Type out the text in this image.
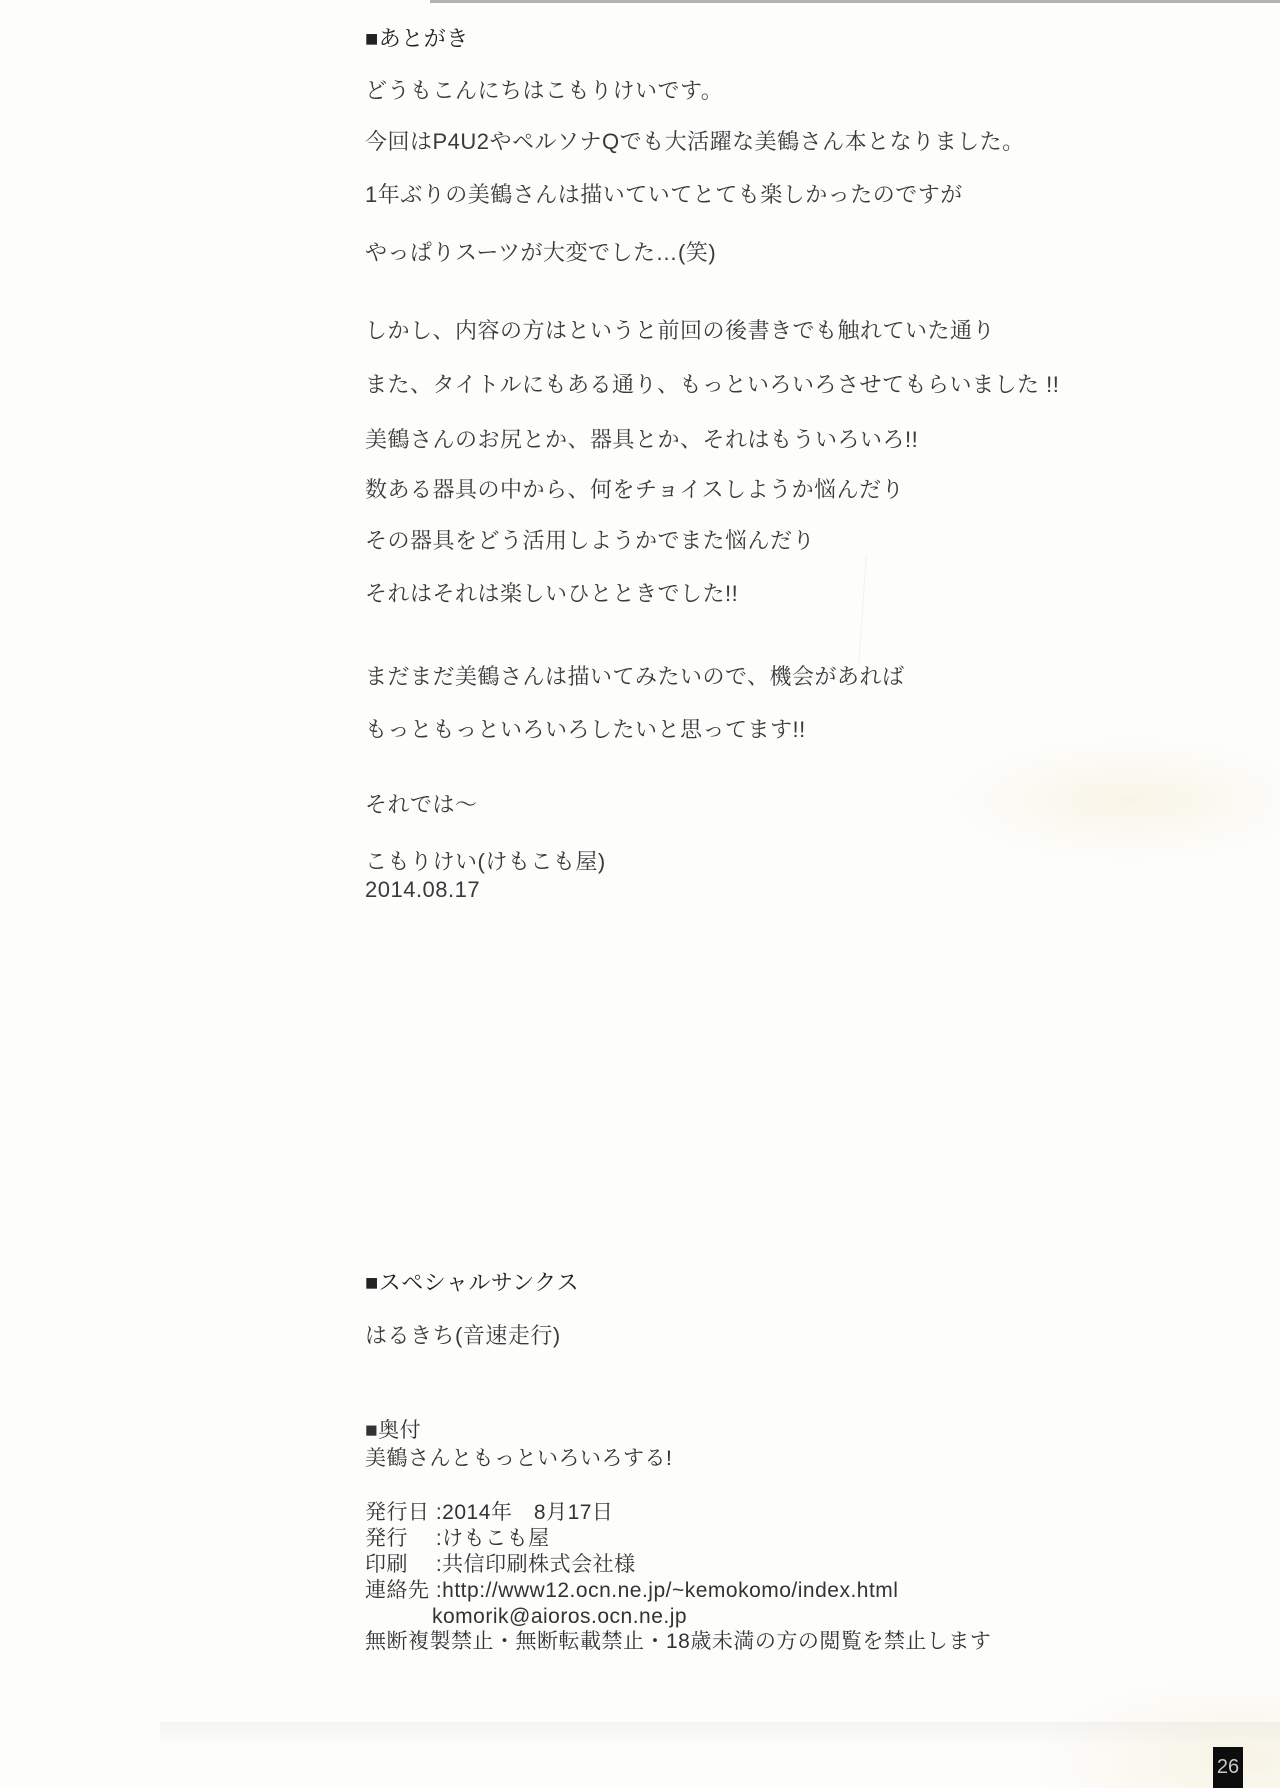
■あとがき
どうもこんにちはこもりけいです。
今回はP4U2やペルソナQでも大活躍な美鶴さん本となりました。
1年ぶりの美鶴さんは描いていてとても楽しかったのですが
やっぱりスーツが大変でした…(笑)
しかし、内容の方はというと前回の後書きでも触れていた通り
また、タイトルにもある通り、もっといろいろさせてもらいました !!
美鶴さんのお尻とか、器具とか、それはもういろいろ!!
数ある器具の中から、何をチョイスしようか悩んだり
その器具をどう活用しようかでまた悩んだり
それはそれは楽しいひとときでした!!
まだまだ美鶴さんは描いてみたいので、機会があれば
もっともっといろいろしたいと思ってます!!
それでは～
こもりけい(けもこも屋)
2014.08.17
■スペシャルサンクス
はるきち(音速走行)
■奥付
美鶴さんともっといろいろする!
発行日 :2014年　8月17日
発行　 :けもこも屋
印刷　 :共信印刷株式会社様
連絡先 :http://www12.ocn.ne.jp/~kemokomo/index.html
komorik@aioros.ocn.ne.jp
無断複製禁止・無断転載禁止・18歳未満の方の閲覧を禁止します
26
